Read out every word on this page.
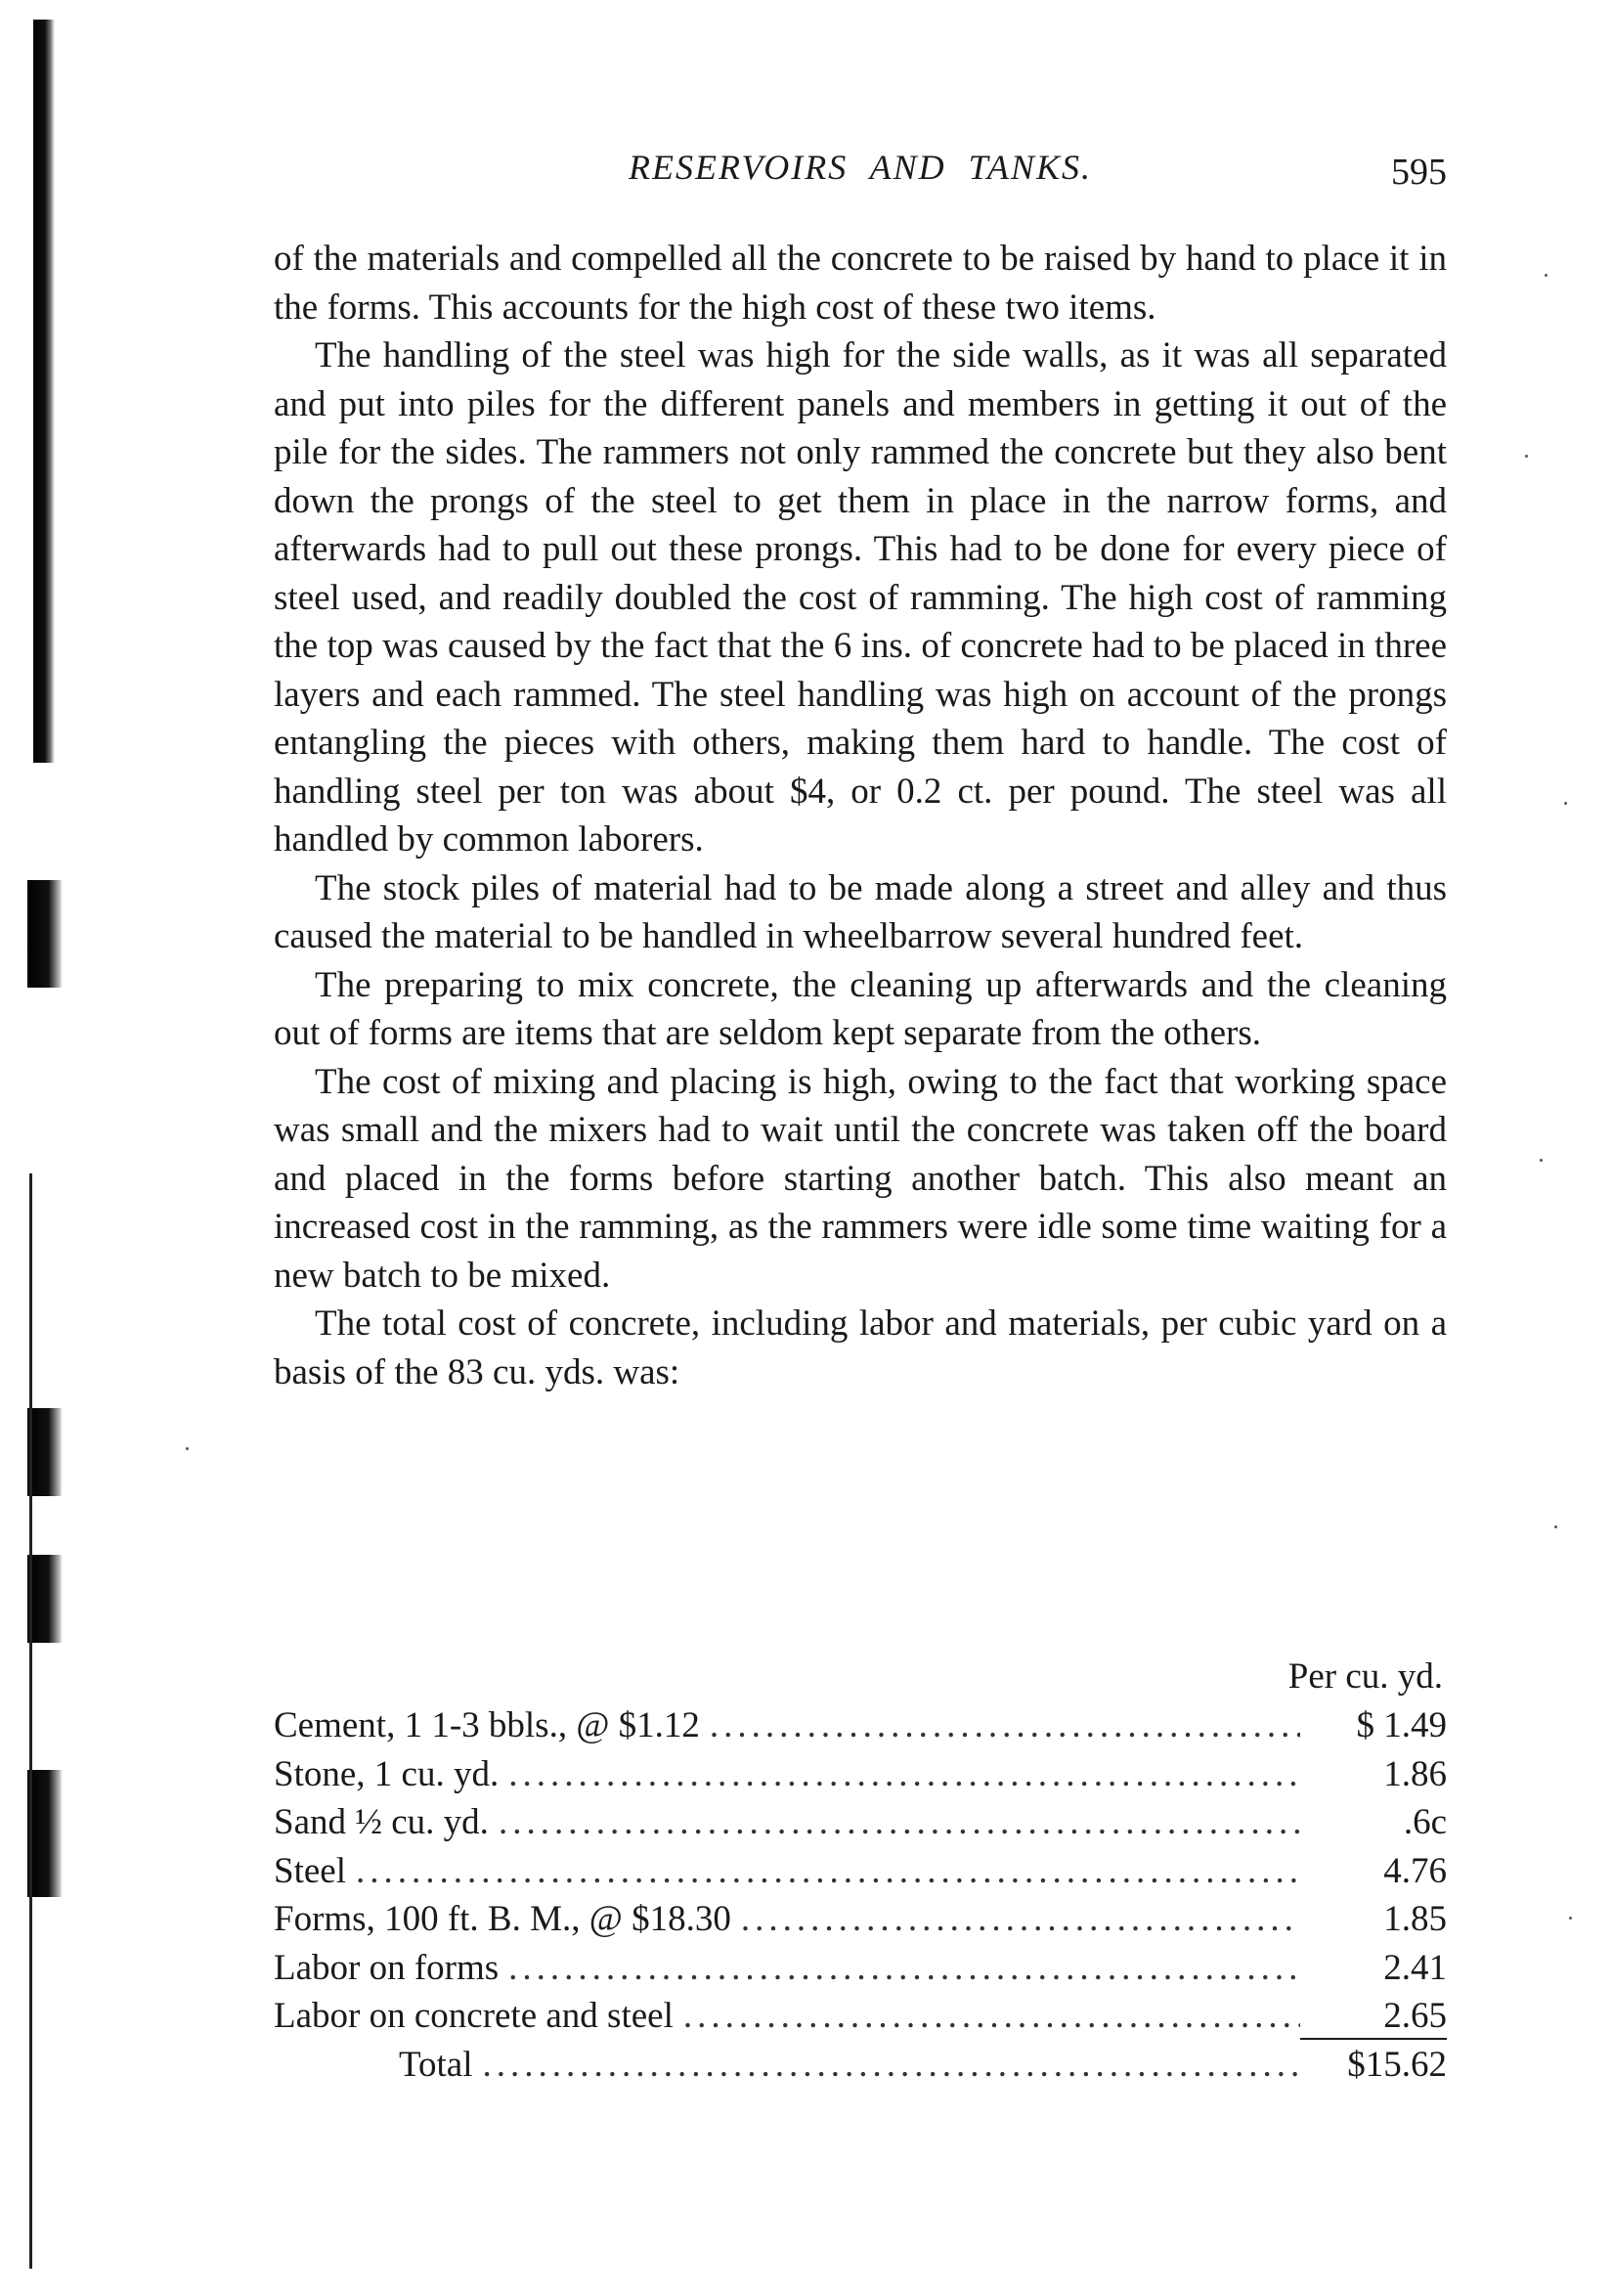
RESERVOIRS AND TANKS.	595

of the materials and compelled all the concrete to be raised by hand to place it in the forms. This accounts for the high cost of these two items.

The handling of the steel was high for the side walls, as it was all separated and put into piles for the different panels and members in getting it out of the pile for the sides. The rammers not only rammed the concrete but they also bent down the prongs of the steel to get them in place in the narrow forms, and afterwards had to pull out these prongs. This had to be done for every piece of steel used, and readily doubled the cost of ramming. The high cost of ramming the top was caused by the fact that the 6 ins. of concrete had to be placed in three layers and each rammed. The steel handling was high on account of the prongs entangling the pieces with others, making them hard to handle. The cost of handling steel per ton was about $4, or 0.2 ct. per pound. The steel was all handled by common laborers.

The stock piles of material had to be made along a street and alley and thus caused the material to be handled in wheelbarrow several hundred feet.

The preparing to mix concrete, the cleaning up afterwards and the cleaning out of forms are items that are seldom kept separate from the others.

The cost of mixing and placing is high, owing to the fact that working space was small and the mixers had to wait until the concrete was taken off the board and placed in the forms before starting another batch. This also meant an increased cost in the ramming, as the rammers were idle some time waiting for a new batch to be mixed.

The total cost of concrete, including labor and materials, per cubic yard on a basis of the 83 cu. yds. was:

Per cu. yd.
Cement, 1 1-3 bbls., @ $1.12 .....	$ 1.49
Stone, 1 cu. yd. .....	1.86
Sand ½ cu. yd. .....	.6c
Steel .....	4.76
Forms, 100 ft. B. M., @ $18.30 .....	1.85
Labor on forms .....	2.41
Labor on concrete and steel .....	2.65
Total .....	$15.62
